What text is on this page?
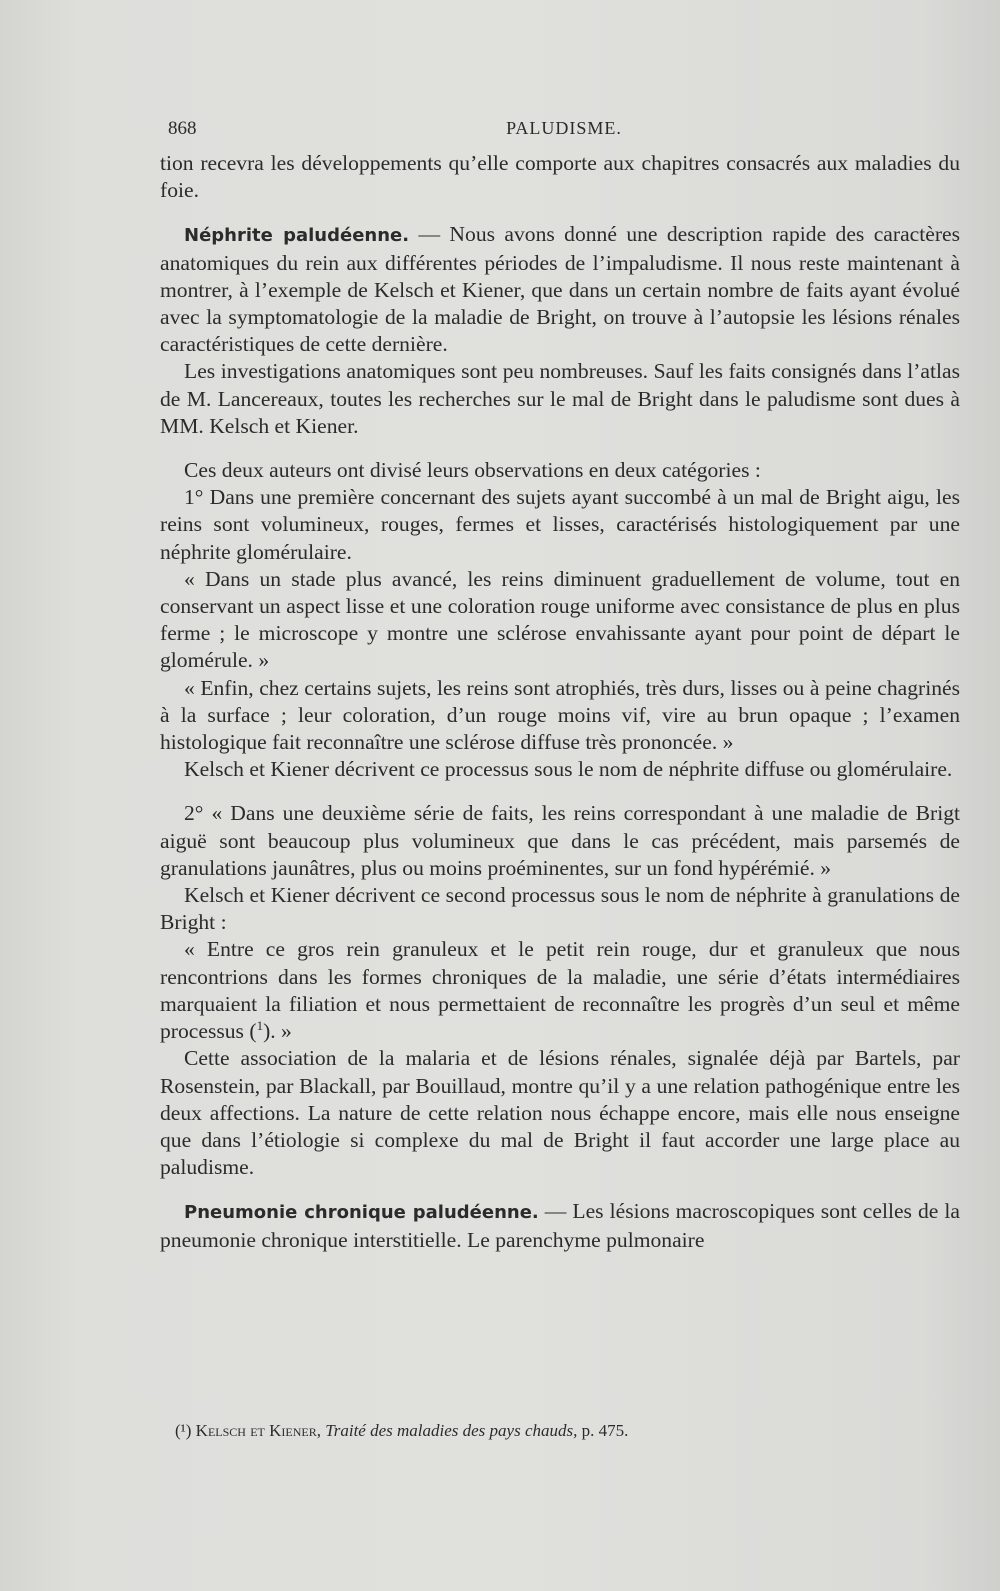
868	PALUDISME.

tion recevra les développements qu’elle comporte aux chapitres consacrés aux maladies du foie.

Néphrite paludéenne. — Nous avons donné une description rapide des caractères anatomiques du rein aux différentes périodes de l’impaludisme. Il nous reste maintenant à montrer, à l’exemple de Kelsch et Kiener, que dans un certain nombre de faits ayant évolué avec la symptomatologie de la maladie de Bright, on trouve à l’autopsie les lésions rénales caractéristiques de cette dernière.

Les investigations anatomiques sont peu nombreuses. Sauf les faits consignés dans l’atlas de M. Lancereaux, toutes les recherches sur le mal de Bright dans le paludisme sont dues à MM. Kelsch et Kiener.

Ces deux auteurs ont divisé leurs observations en deux catégories :

1° Dans une première concernant des sujets ayant succombé à un mal de Bright aigu, les reins sont volumineux, rouges, fermes et lisses, caractérisés histologiquement par une néphrite glomérulaire.

« Dans un stade plus avancé, les reins diminuent graduellement de volume, tout en conservant un aspect lisse et une coloration rouge uniforme avec consistance de plus en plus ferme ; le microscope y montre une sclérose envahissante ayant pour point de départ le glomérule. »

« Enfin, chez certains sujets, les reins sont atrophiés, très durs, lisses ou à peine chagrinés à la surface ; leur coloration, d’un rouge moins vif, vire au brun opaque ; l’examen histologique fait reconnaître une sclérose diffuse très prononcée. »

Kelsch et Kiener décrivent ce processus sous le nom de néphrite diffuse ou glomérulaire.

2° « Dans une deuxième série de faits, les reins correspondant à une maladie de Brigt aiguë sont beaucoup plus volumineux que dans le cas précédent, mais parsemés de granulations jaunâtres, plus ou moins proéminentes, sur un fond hypérémié. »

Kelsch et Kiener décrivent ce second processus sous le nom de néphrite à granulations de Bright :

« Entre ce gros rein granuleux et le petit rein rouge, dur et granuleux que nous rencontrions dans les formes chroniques de la maladie, une série d’états intermédiaires marquaient la filiation et nous permettaient de reconnaître les progrès d’un seul et même processus ($^1$). »

Cette association de la malaria et de lésions rénales, signalée déjà par Bartels, par Rosenstein, par Blackall, par Bouillaud, montre qu’il y a une relation pathogénique entre les deux affections. La nature de cette relation nous échappe encore, mais elle nous enseigne que dans l’étiologie si complexe du mal de Bright il faut accorder une large place au paludisme.

Pneumonie chronique paludéenne. — Les lésions macroscopiques sont celles de la pneumonie chronique interstitielle. Le parenchyme pulmonaire

(¹) Kelsch et Kiener, Traité des maladies des pays chauds, p. 475.
